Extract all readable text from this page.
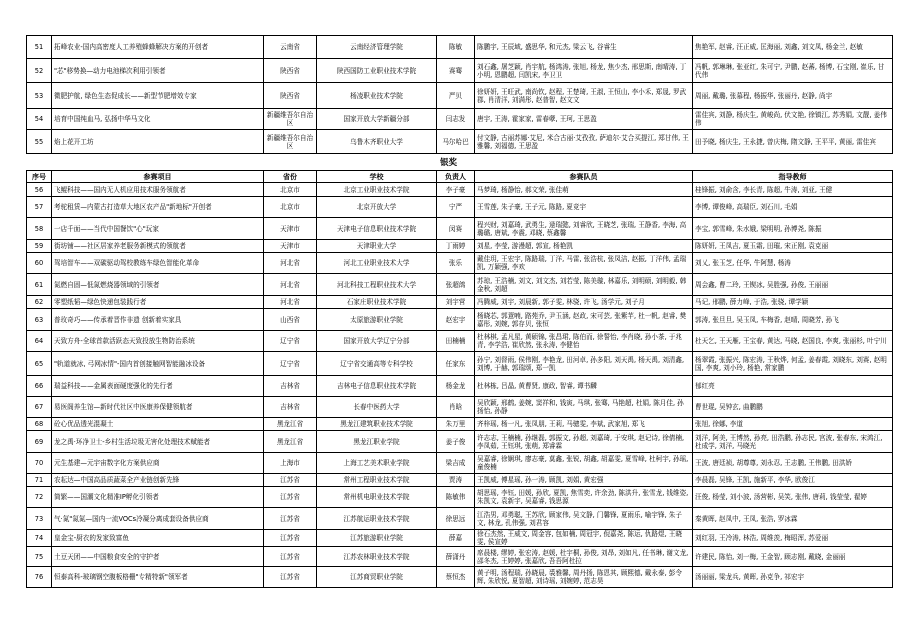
51	拓峰农业-国内高密度人工养殖蜂蜂解决方案的开创者	云南省	云南经济管理学院	陈敏	陈鹏宇, 王辰域, 盛思华, 和元杰, 梁云飞, 谷睿生	焦艳军, 赵睿, 汪正威, 匡海丽, 刘鑫, 刘文凤, 杨金兰, 赵敏
52	"芯"移势换—动力电池梯次利用引领者	陕西省	陕西国防工业职业技术学院	赛骞	刘石鑫, 屠芝颖, 肖宇航, 杨鸿涛, 张旭, 杨龙, 焦少杰, 邢思斯, 南晴涛, 丁小明, 恩鹏超, 闫凯宋, 李卫卫	冯帆, 郭琳琳, 张亚红, 朱可宁, 尹鹏, 赵蕃, 杨博, 石宝刚, 崔乐, 甘代伟
53	微肥护航, 绿色生态促成长——新型节肥增效专家	陕西省	杨凌职业技术学院	严贝	徐妍妍, 王旺武, 南尚钦, 赵程, 王楚琦, 王淑, 王恒山, 李小禾, 郑晟, 罗武郡, 肖清洋, 刘满彤, 赵普智, 赵文文	周丽, 戴璐, 张慕程, 杨振华, 张丽丹, 赵静, 尚宇
54	培育中国纯血马, 弘扬中华马文化	新疆维吾尔自治区	国家开放大学新疆分部	闫志发	唐宇, 王涛, 霍家家, 雷春孽, 王珂, 王思盈	雷佳宾, 刘静, 杨庆生, 黄峻尚, 伏文艳, 徐镇江, 苏秀娟, 文靓, 姜伟伟
55	焰上花开工坊	新疆维吾尔自治区	乌鲁木齐职业大学	马尔哈巴	付文静, 古丽苏娜·艾尼, 米合古丽·艾孜孜, 萨迪尔·艾合买提江, 郑甘伟, 王雅馨, 刘福德, 王思盈	田予晓, 杨庆生, 王永捷, 曾庆梅, 隋文静, 王平平, 黄丽, 雷佳宾
银奖
序号	参赛项目	省份	学校	负责人	参赛队员	指导教师
56	飞鲲科技——国内无人机应用技术服务领航者	北京市	北京工业职业技术学院	李子豪	马梦琦, 杨静怡, 郝文荣, 张佳萌	桂锋振, 刘俞含, 李长青, 陈超, 牛涛, 刘亚, 王健
57	考驼租赁—内蒙古打造草大地区农产品"新地标"开创者	北京市	北京开放大学	宁严	王雪莲, 朱子豪, 王子元, 陈路, 夏竞宇	李博, 谭俊峰, 高瑞臣, 刘石川, 毛娟
58	一店千面——当代中国餐饮"心"玩家	天津市	天津电子信息职业技术学院	闵赛	程兴财, 刘嘉琦, 武勇生, 逯瑞懿, 刘睿欣, 王晓芝, 张瑞, 王静香, 李海, 高璐璐, 唐斌, 李震, 邓晓, 蔡鑫馨	李宝, 郭雪峰, 朱水娥, 梁明明, 孙博尧, 陈振
59	街坊铺——社区居家养老服务新模式的领航者	天津市	天津职业大学	丁雨婷	刘星, 李莹, 游漫超, 郭宣, 杨艳凯	陈妍妍, 王凤吉, 夏玉霜, 田璀, 宋正刚, 袁克丽
60	驾培智车——双碳驱动驾校教练车绿色智能化革命	河北省	河北工业职业技术大学	张乐	戴佳玥, 王宏宇, 陈路瑞, 丁洋, 马雷, 张浩杭, 张凤洁, 赵振, 丁洋伟, 孟瑞凯, 万颖强, 李欢	刘乂, 张玉芝, 任华, 牛阿慧, 杨涛
61	氮燃自固—低氮燃烧器领域的引领者	河北省	河北科技工程职业技术大学	张超鸽	苏琼, 王浩楠, 刘文, 刘文杰, 刘若莹, 陈美璇, 林嘉乐, 刘明硕, 刘明毅, 韩金秋, 刘超	周会鑫, 曹二玲, 王锲冰, 吴胜强, 孙俊, 王丽丽
62	零塑纸韬—绿色快递包装践行者	河北省	石家庄职业技术学院	刘宇营	冯腾威, 刘宇, 刘晨新, 郭子雯, 林骁, 许飞, 汤学元, 刘子月	马记, 邢鹏, 薛力峰, 于浩, 张骁, 谭学颖
63	普玫奇巧——传承着晋作非遗 创新着实家具	山西省	太原旅游职业学院	赵宏宇	杨晓芯, 郭薏喃, 路苑乔, 尹玉涵, 赵政, 宋可芸, 张紫芊, 杜一帆, 赵睿, 樊嘉彤, 刘婉, 郭存贝, 张恒	郭涛, 张旦旦, 吴玉凤, 车梅香, 赵晴, 周晓芳, 孙飞
64	天致方舟-全球首款活跃态天致投放生物防治系统	辽宁省	国家开放大学辽宁分部	田楠楠	杜林棋, 孟凡星, 黄硕锦, 张昌珺, 陈伯而, 徐誓怡, 李肖晓, 孙小茶, 于兆青, 李学浩, 崔欣然, 张永涛, 李健怡	杜天乞, 王天雁, 王宝春, 黄达, 马晓, 赵国良, 李爽, 张丽杉, 叶宁川
65	"轨道就冰, 弓网冰情"-国内首创接触网智能融冰设备	辽宁省	辽宁省交通高等专科学校	任家东	孙宁, 刘督雨, 侯伟刚, 李艳龙, 田河卓, 孙多阳, 刘天禹, 杨天禹, 刘清鑫, 刘博, 于赫, 郭瑞颂, 郑一凯	杨翠霞, 张振兴, 陈宏涛, 王秋烨, 何孟, 姜春霞, 刘晓东, 刘赛, 赵明国, 李爽, 刘小玲, 杨艳, 常家鹏
66	瑞益科技——金属表面硬度强化的先行者	吉林省	吉林电子信息职业技术学院	杨金龙	杜林栋, 吕晶, 黄曹贤, 康政, 智睿, 谭书麟	郁红亮
67	易医阁养生馆—新时代社区中医康养保健领航者	吉林省	长春中医药大学	肖晗	吴欣颖, 邢鹤, 姜婉, 窦祥和, 钱寅, 马琪, 张骞, 马艳超, 杜娟, 陈月佳, 孙扬怡, 孙静	曹世琨, 吴钟玄, 曲鹏鹏
68	砼心优品透光混凝土	黑龙江省	黑龙江建筑职业技术学院	朱万里	齐梓瑶, 杨一凡, 张凤朋, 王莉, 马骢雯, 李斌, 武家旭, 郑飞	张旭, 徐娜, 李道
69	龙之禹·环净卫士-乡村生活垃圾无害化处理技术赋能者	黑龙江省	黑龙江职业学院	姜子俊	许志志, 王楠楠, 孙继磊, 郭振文, 孙超, 刘嘉琦, 于安琪, 赵记诗, 徐倩楠, 李凤茹, 王钰琪, 张萌, 郑睿霖	刘洋, 阿美, 王博然, 孙亮, 田浩鹏, 孙志民, 宫波, 张春东, 宋鸿江, 杜成学, 刘洋, 马晓光
70	元生基建—元宇宙数字化方案供应商	上海市	上海工艺美术职业学院	梁吉成	吴嘉睿, 徐娴琪, 廖志豪, 莫鑫, 张锐, 胡鑫, 胡嘉雯, 夏雪峰, 杜柯宇, 孙瑶, 童俊楠	王波, 唐廷祯, 胡尊尊, 刘永忍, 王志鹏, 王伟鹏, 田洪娇
71	农耘达—中国高品质蔬菜全产业链创新先锋	江苏省	常州工程职业技术学院	贾涛	王凯威, 傅星瑶, 孙一涛, 顾凯, 刘娟, 黄宏强	李晨磊, 吴锋, 王凯, 施新平, 李华, 欧俊江
72	简繁——国潮文化精准IP孵化引领者	江苏省	常州机电职业技术学院	陈敏伟	胡思瑶, 李钰, 田媛, 孙欣, 夏凯, 焦雪奕, 许余劲, 陈洪升, 张雪龙, 钱维姿, 朱凯文, 袁新宇, 吴嘉睿, 钱思源	汪俊, 杨莹, 刘小波, 汤营彬, 吴笑, 张伟, 唐莉, 钱莹莹, 翟婷
73	气·氮"氮氮—国内一流VOCs冷凝分离成套设备供应商	江苏省	江苏航运职业技术学院	徐思远	江浩男, 邓勇聪, 王苏欣, 顾家伟, 吴文静, 门馨锋, 夏雨乐, 喻宇锋, 朱子文, 林龙, 孔伟强, 刘君容	秦黄晖, 赵凤中, 王凤, 张浩, 罗冰霖
74	皇金宝-厨衣的发家致富鱼	江苏省	江苏旅游职业学院	薛嘉	徐石杰然, 王威文, 周金容, 包如楠, 周冠宇, 倪嘉尧, 陈运, 仇路煜, 王晓雯, 侯宣婷	刘红羽, 王冷涛, 林浩, 周维羡, 梅昭浑, 苏爱丽
75	土豆天团——中国粮食安全的守护者	江苏省	江苏农林职业技术学院	薛潇丹	席晨楼, 缪婷, 张宏涛, 赵媛, 杜宇桐, 孙俊, 刘昂, 刘如凡, 任书琳, 谢文龙, 邵冬杰, 王婷婷, 张嘉欣, 吾吾阿杜拉	许建民, 陈怡, 刘一梅, 王金智, 顾志刚, 戴晓, 金丽丽
76	恒泰高科-玻璃钢空腹板格栅"专精特新"领军者	江苏省	江苏商贸职业学院	蔡恒杰	黄子明, 汤程瑞, 孙晓晨, 裘雅馨, 周丹扬, 陈恩其, 顾熙德, 戴永泰, 彭令辉, 朱欣悦, 夏智超, 刘诗瑶, 刘婉婷, 范志昊	汤丽丽, 梁龙兵, 黄晖, 孙克争, 祁宏宇
